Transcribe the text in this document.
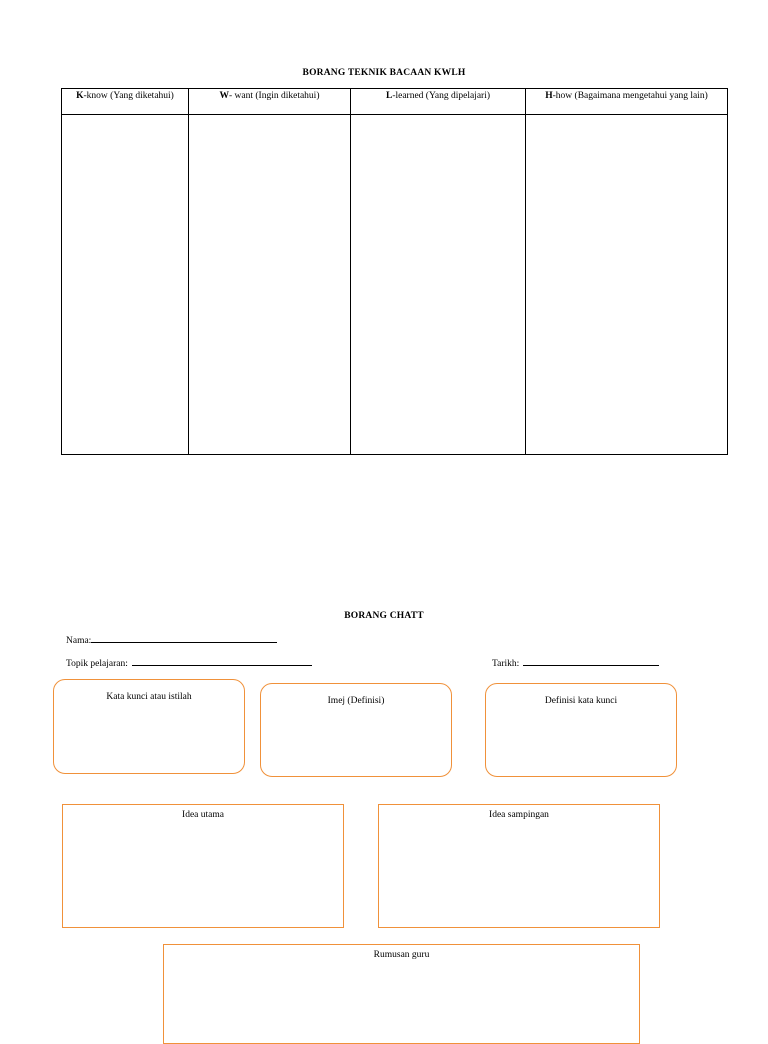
BORANG TEKNIK BACAAN KWLH
K-know (Yang diketahui)	W- want (Ingin diketahui)	L-learned (Yang dipelajari)	H-how (Bagaimana mengetahui yang lain)

BORANG CHATT
Nama:
Topik pelajaran:	Tarikh:
Kata kunci atau istilah	Imej (Definisi)	Definisi kata kunci
Idea utama	Idea sampingan
Rumusan guru
